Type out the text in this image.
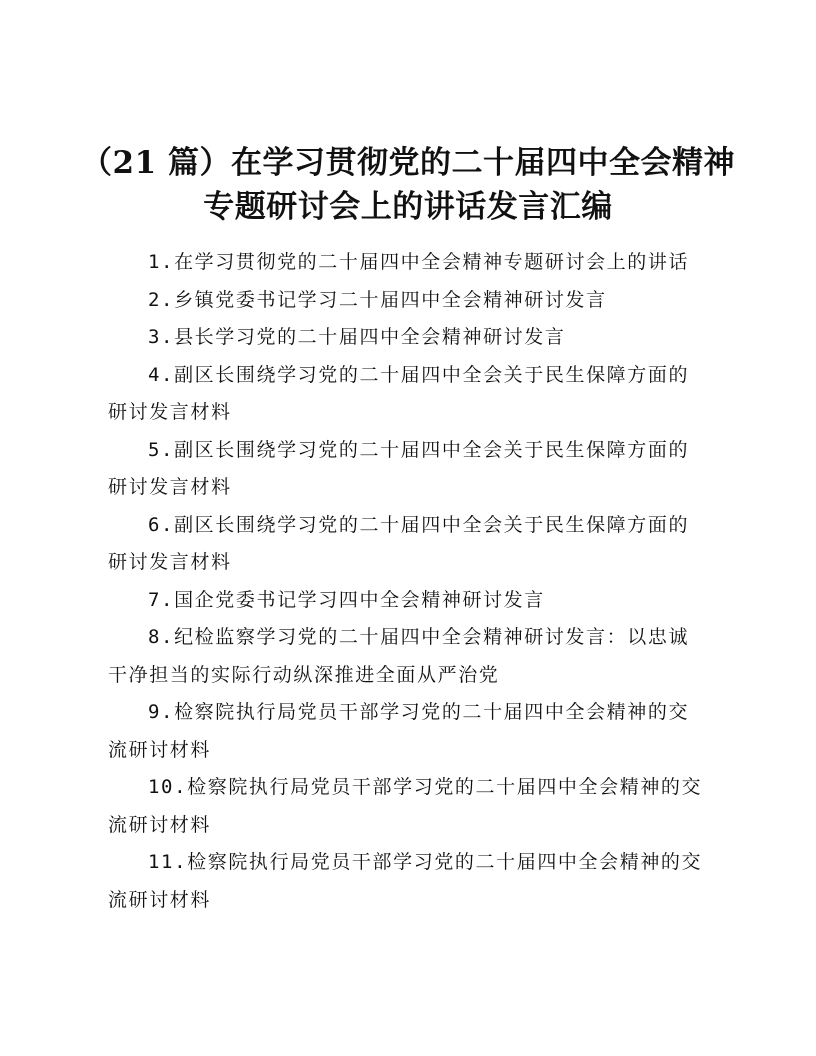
（21 篇）在学习贯彻党的二十届四中全会精神
专题研讨会上的讲话发言汇编
1.在学习贯彻党的二十届四中全会精神专题研讨会上的讲话
2.乡镇党委书记学习二十届四中全会精神研讨发言
3.县长学习党的二十届四中全会精神研讨发言
4.副区长围绕学习党的二十届四中全会关于民生保障方面的研讨发言材料
5.副区长围绕学习党的二十届四中全会关于民生保障方面的研讨发言材料
6.副区长围绕学习党的二十届四中全会关于民生保障方面的研讨发言材料
7.国企党委书记学习四中全会精神研讨发言
8.纪检监察学习党的二十届四中全会精神研讨发言：以忠诚干净担当的实际行动纵深推进全面从严治党
9.检察院执行局党员干部学习党的二十届四中全会精神的交流研讨材料
10.检察院执行局党员干部学习党的二十届四中全会精神的交流研讨材料
11.检察院执行局党员干部学习党的二十届四中全会精神的交流研讨材料
